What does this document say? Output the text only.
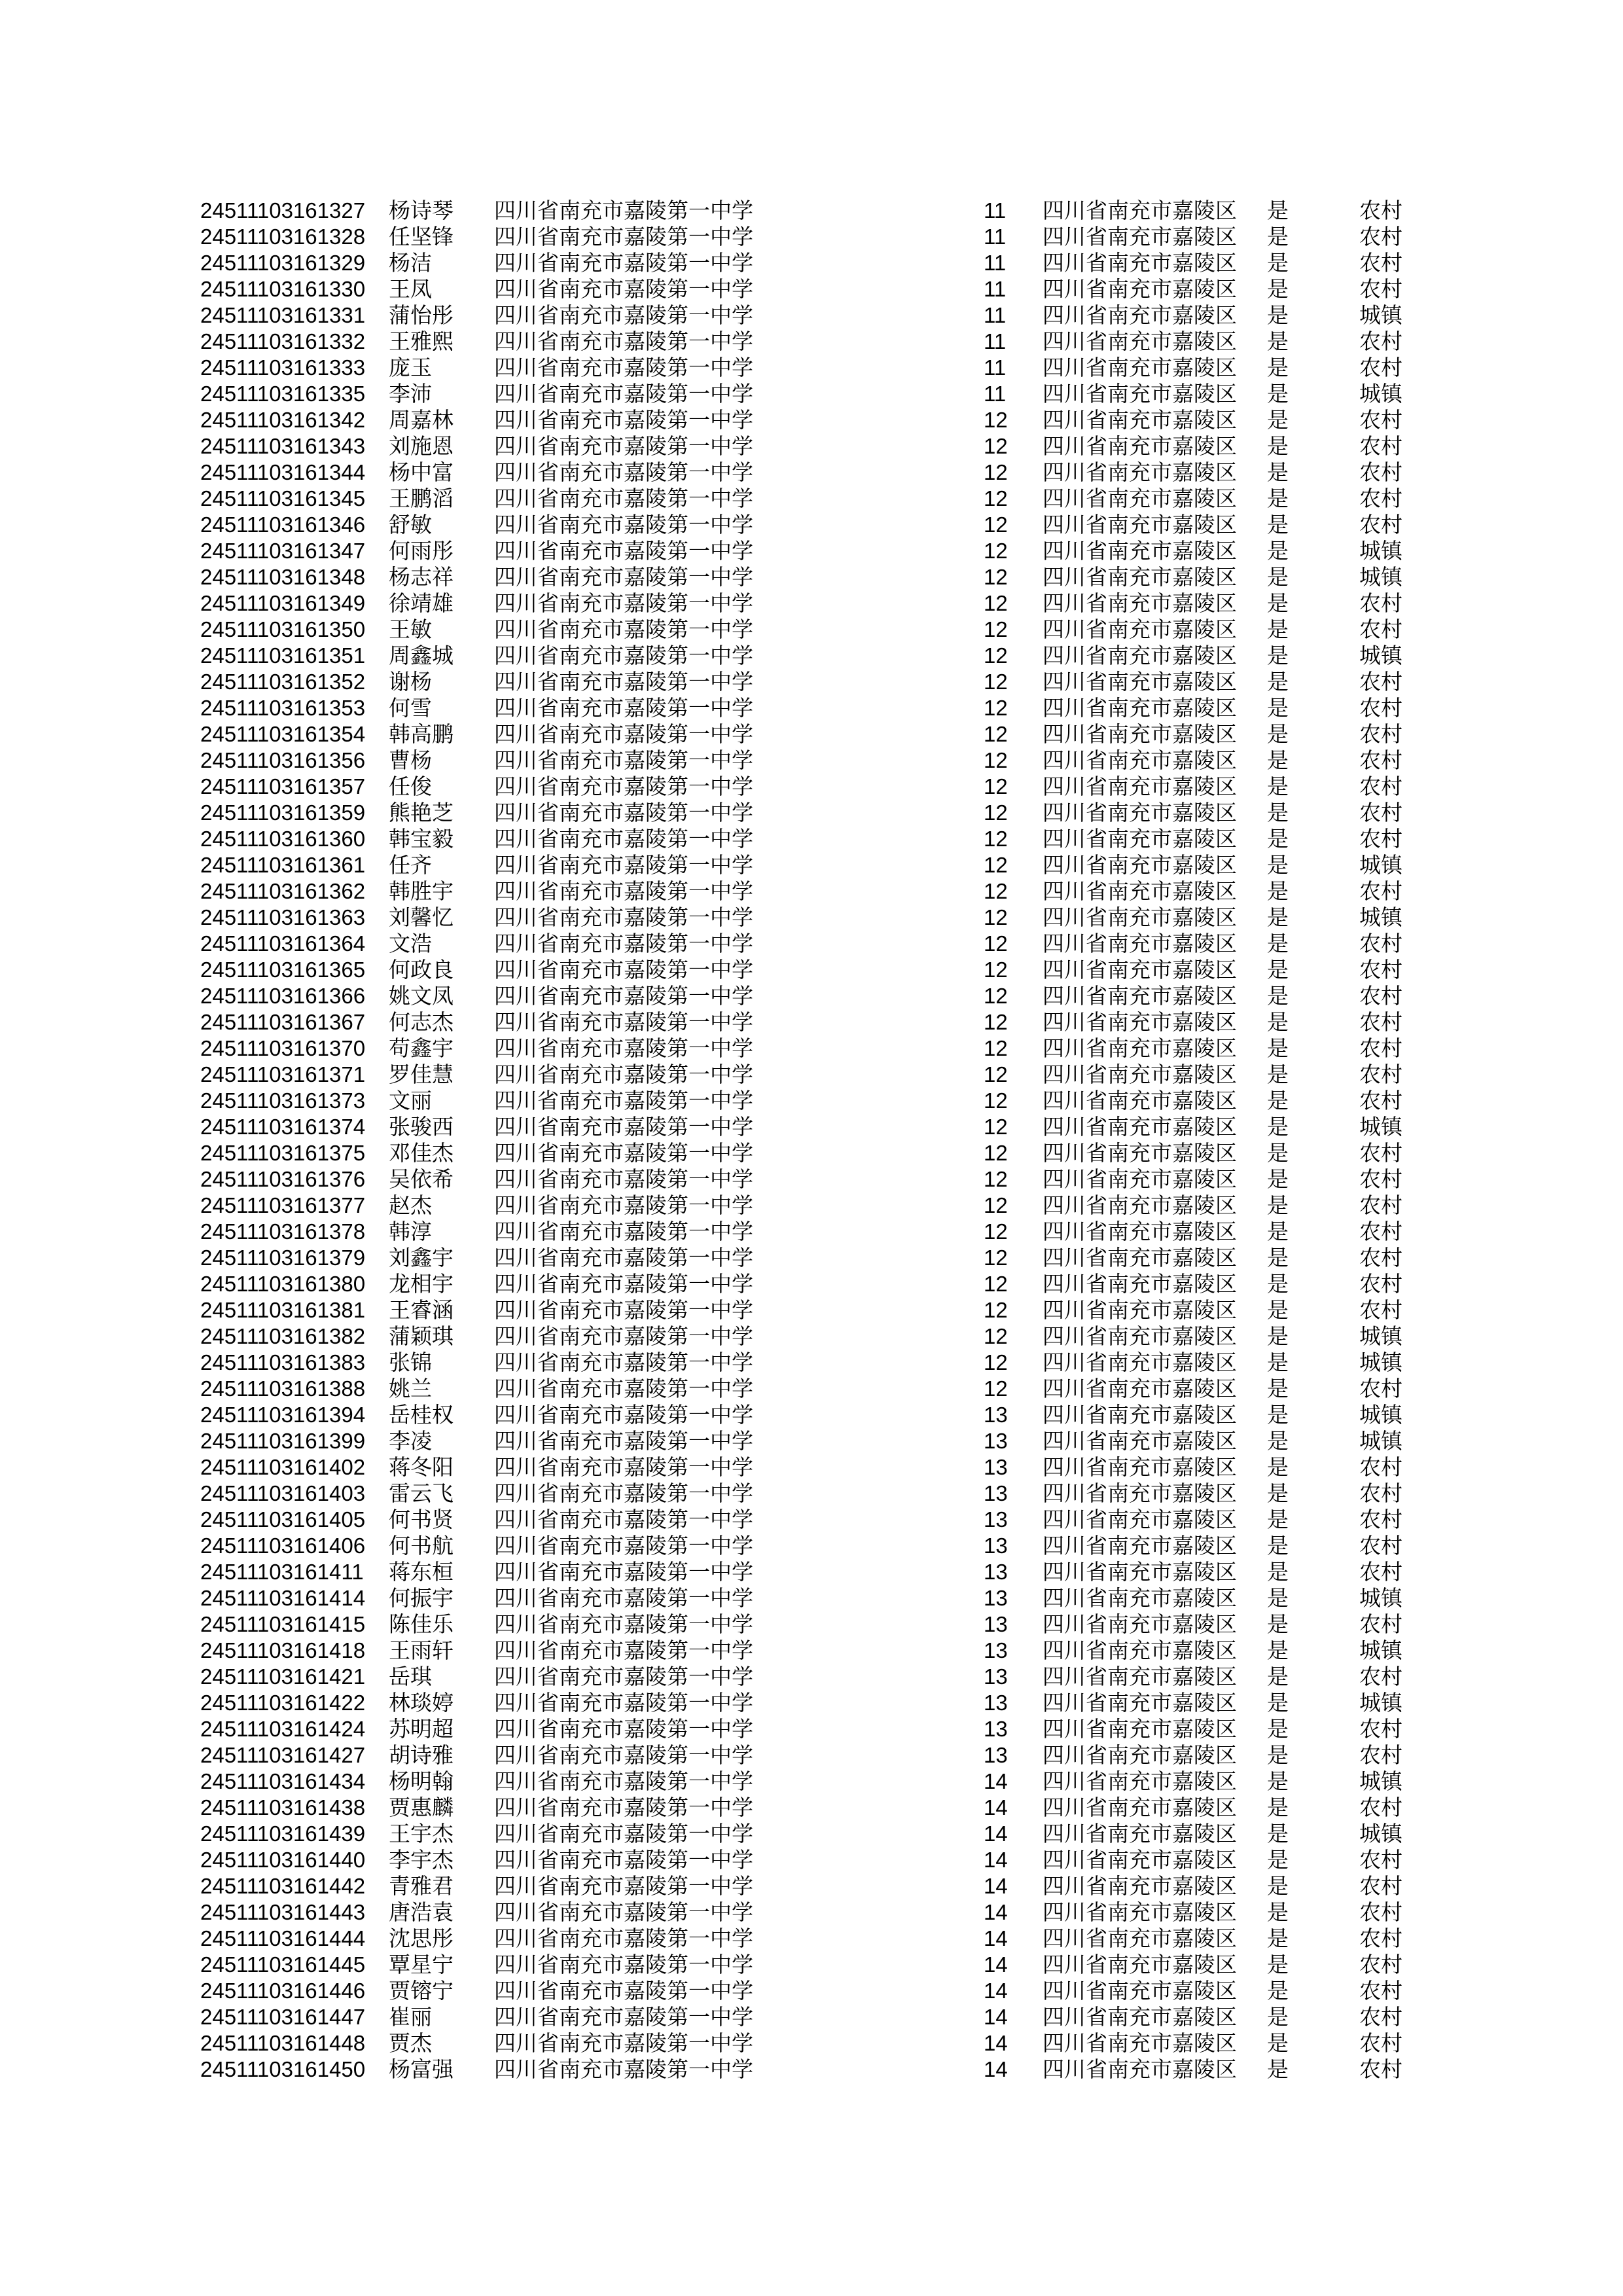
24511103161327 杨诗琴 四川省南充市嘉陵第一中学	11 四川省南充市嘉陵区 是	农村
24511103161328 任坚锋 四川省南充市嘉陵第一中学	11 四川省南充市嘉陵区 是	农村
24511103161329 杨洁	四川省南充市嘉陵第一中学	11 四川省南充市嘉陵区 是	农村
24511103161330 王凤	四川省南充市嘉陵第一中学	11 四川省南充市嘉陵区 是	农村
24511103161331 蒲怡彤 四川省南充市嘉陵第一中学	11 四川省南充市嘉陵区 是	城镇
24511103161332 王雅熙 四川省南充市嘉陵第一中学	11 四川省南充市嘉陵区 是	农村
24511103161333 庞玉	四川省南充市嘉陵第一中学	11 四川省南充市嘉陵区 是	农村
24511103161335 李沛	四川省南充市嘉陵第一中学	11 四川省南充市嘉陵区 是	城镇
24511103161342 周嘉林 四川省南充市嘉陵第一中学	12 四川省南充市嘉陵区 是	农村
24511103161343 刘施恩 四川省南充市嘉陵第一中学	12 四川省南充市嘉陵区 是	农村
24511103161344 杨中富 四川省南充市嘉陵第一中学	12 四川省南充市嘉陵区 是	农村
24511103161345 王鹏滔 四川省南充市嘉陵第一中学	12 四川省南充市嘉陵区 是	农村
24511103161346 舒敏	四川省南充市嘉陵第一中学	12 四川省南充市嘉陵区 是	农村
24511103161347 何雨彤 四川省南充市嘉陵第一中学	12 四川省南充市嘉陵区 是	城镇
24511103161348 杨志祥 四川省南充市嘉陵第一中学	12 四川省南充市嘉陵区 是	城镇
24511103161349 徐靖雄 四川省南充市嘉陵第一中学	12 四川省南充市嘉陵区 是	农村
24511103161350 王敏	四川省南充市嘉陵第一中学	12 四川省南充市嘉陵区 是	农村
24511103161351 周鑫城 四川省南充市嘉陵第一中学	12 四川省南充市嘉陵区 是	城镇
24511103161352 谢杨	四川省南充市嘉陵第一中学	12 四川省南充市嘉陵区 是	农村
24511103161353 何雪	四川省南充市嘉陵第一中学	12 四川省南充市嘉陵区 是	农村
24511103161354 韩高鹏 四川省南充市嘉陵第一中学	12 四川省南充市嘉陵区 是	农村
24511103161356 曹杨	四川省南充市嘉陵第一中学	12 四川省南充市嘉陵区 是	农村
24511103161357 任俊	四川省南充市嘉陵第一中学	12 四川省南充市嘉陵区 是	农村
24511103161359 熊艳芝 四川省南充市嘉陵第一中学	12 四川省南充市嘉陵区 是	农村
24511103161360 韩宝毅 四川省南充市嘉陵第一中学	12 四川省南充市嘉陵区 是	农村
24511103161361 任齐	四川省南充市嘉陵第一中学	12 四川省南充市嘉陵区 是	城镇
24511103161362 韩胜宇 四川省南充市嘉陵第一中学	12 四川省南充市嘉陵区 是	农村
24511103161363 刘馨忆 四川省南充市嘉陵第一中学	12 四川省南充市嘉陵区 是	城镇
24511103161364 文浩	四川省南充市嘉陵第一中学	12 四川省南充市嘉陵区 是	农村
24511103161365 何政良 四川省南充市嘉陵第一中学	12 四川省南充市嘉陵区 是	农村
24511103161366 姚文凤 四川省南充市嘉陵第一中学	12 四川省南充市嘉陵区 是	农村
24511103161367 何志杰 四川省南充市嘉陵第一中学	12 四川省南充市嘉陵区 是	农村
24511103161370 苟鑫宇 四川省南充市嘉陵第一中学	12 四川省南充市嘉陵区 是	农村
24511103161371 罗佳慧 四川省南充市嘉陵第一中学	12 四川省南充市嘉陵区 是	农村
24511103161373 文丽	四川省南充市嘉陵第一中学	12 四川省南充市嘉陵区 是	农村
24511103161374 张骏西 四川省南充市嘉陵第一中学	12 四川省南充市嘉陵区 是	城镇
24511103161375 邓佳杰 四川省南充市嘉陵第一中学	12 四川省南充市嘉陵区 是	农村
24511103161376 吴依希 四川省南充市嘉陵第一中学	12 四川省南充市嘉陵区 是	农村
24511103161377 赵杰	四川省南充市嘉陵第一中学	12 四川省南充市嘉陵区 是	农村
24511103161378 韩淳	四川省南充市嘉陵第一中学	12 四川省南充市嘉陵区 是	农村
24511103161379 刘鑫宇 四川省南充市嘉陵第一中学	12 四川省南充市嘉陵区 是	农村
24511103161380 龙相宇 四川省南充市嘉陵第一中学	12 四川省南充市嘉陵区 是	农村
24511103161381 王睿涵 四川省南充市嘉陵第一中学	12 四川省南充市嘉陵区 是	农村
24511103161382 蒲颖琪 四川省南充市嘉陵第一中学	12 四川省南充市嘉陵区 是	城镇
24511103161383 张锦	四川省南充市嘉陵第一中学	12 四川省南充市嘉陵区 是	城镇
24511103161388 姚兰	四川省南充市嘉陵第一中学	12 四川省南充市嘉陵区 是	农村
24511103161394 岳桂权 四川省南充市嘉陵第一中学	13 四川省南充市嘉陵区 是	城镇
24511103161399 李凌	四川省南充市嘉陵第一中学	13 四川省南充市嘉陵区 是	城镇
24511103161402 蒋冬阳 四川省南充市嘉陵第一中学	13 四川省南充市嘉陵区 是	农村
24511103161403 雷云飞 四川省南充市嘉陵第一中学	13 四川省南充市嘉陵区 是	农村
24511103161405 何书贤 四川省南充市嘉陵第一中学	13 四川省南充市嘉陵区 是	农村
24511103161406 何书航 四川省南充市嘉陵第一中学	13 四川省南充市嘉陵区 是	农村
24511103161411 蒋东桓 四川省南充市嘉陵第一中学	13 四川省南充市嘉陵区 是	农村
24511103161414 何振宇 四川省南充市嘉陵第一中学	13 四川省南充市嘉陵区 是	城镇
24511103161415 陈佳乐 四川省南充市嘉陵第一中学	13 四川省南充市嘉陵区 是	农村
24511103161418 王雨轩 四川省南充市嘉陵第一中学	13 四川省南充市嘉陵区 是	城镇
24511103161421 岳琪	四川省南充市嘉陵第一中学	13 四川省南充市嘉陵区 是	农村
24511103161422 林琰婷 四川省南充市嘉陵第一中学	13 四川省南充市嘉陵区 是	城镇
24511103161424 苏明超 四川省南充市嘉陵第一中学	13 四川省南充市嘉陵区 是	农村
24511103161427 胡诗雅 四川省南充市嘉陵第一中学	13 四川省南充市嘉陵区 是	农村
24511103161434 杨明翰 四川省南充市嘉陵第一中学	14 四川省南充市嘉陵区 是	城镇
24511103161438 贾惠麟 四川省南充市嘉陵第一中学	14 四川省南充市嘉陵区 是	农村
24511103161439 王宇杰 四川省南充市嘉陵第一中学	14 四川省南充市嘉陵区 是	城镇
24511103161440 李宇杰 四川省南充市嘉陵第一中学	14 四川省南充市嘉陵区 是	农村
24511103161442 青雅君 四川省南充市嘉陵第一中学	14 四川省南充市嘉陵区 是	农村
24511103161443 唐浩袁 四川省南充市嘉陵第一中学	14 四川省南充市嘉陵区 是	农村
24511103161444 沈思彤 四川省南充市嘉陵第一中学	14 四川省南充市嘉陵区 是	农村
24511103161445 覃星宁 四川省南充市嘉陵第一中学	14 四川省南充市嘉陵区 是	农村
24511103161446 贾镕宁 四川省南充市嘉陵第一中学	14 四川省南充市嘉陵区 是	农村
24511103161447 崔丽	四川省南充市嘉陵第一中学	14 四川省南充市嘉陵区 是	农村
24511103161448 贾杰	四川省南充市嘉陵第一中学	14 四川省南充市嘉陵区 是	农村
24511103161450 杨富强 四川省南充市嘉陵第一中学	14 四川省南充市嘉陵区 是	农村
